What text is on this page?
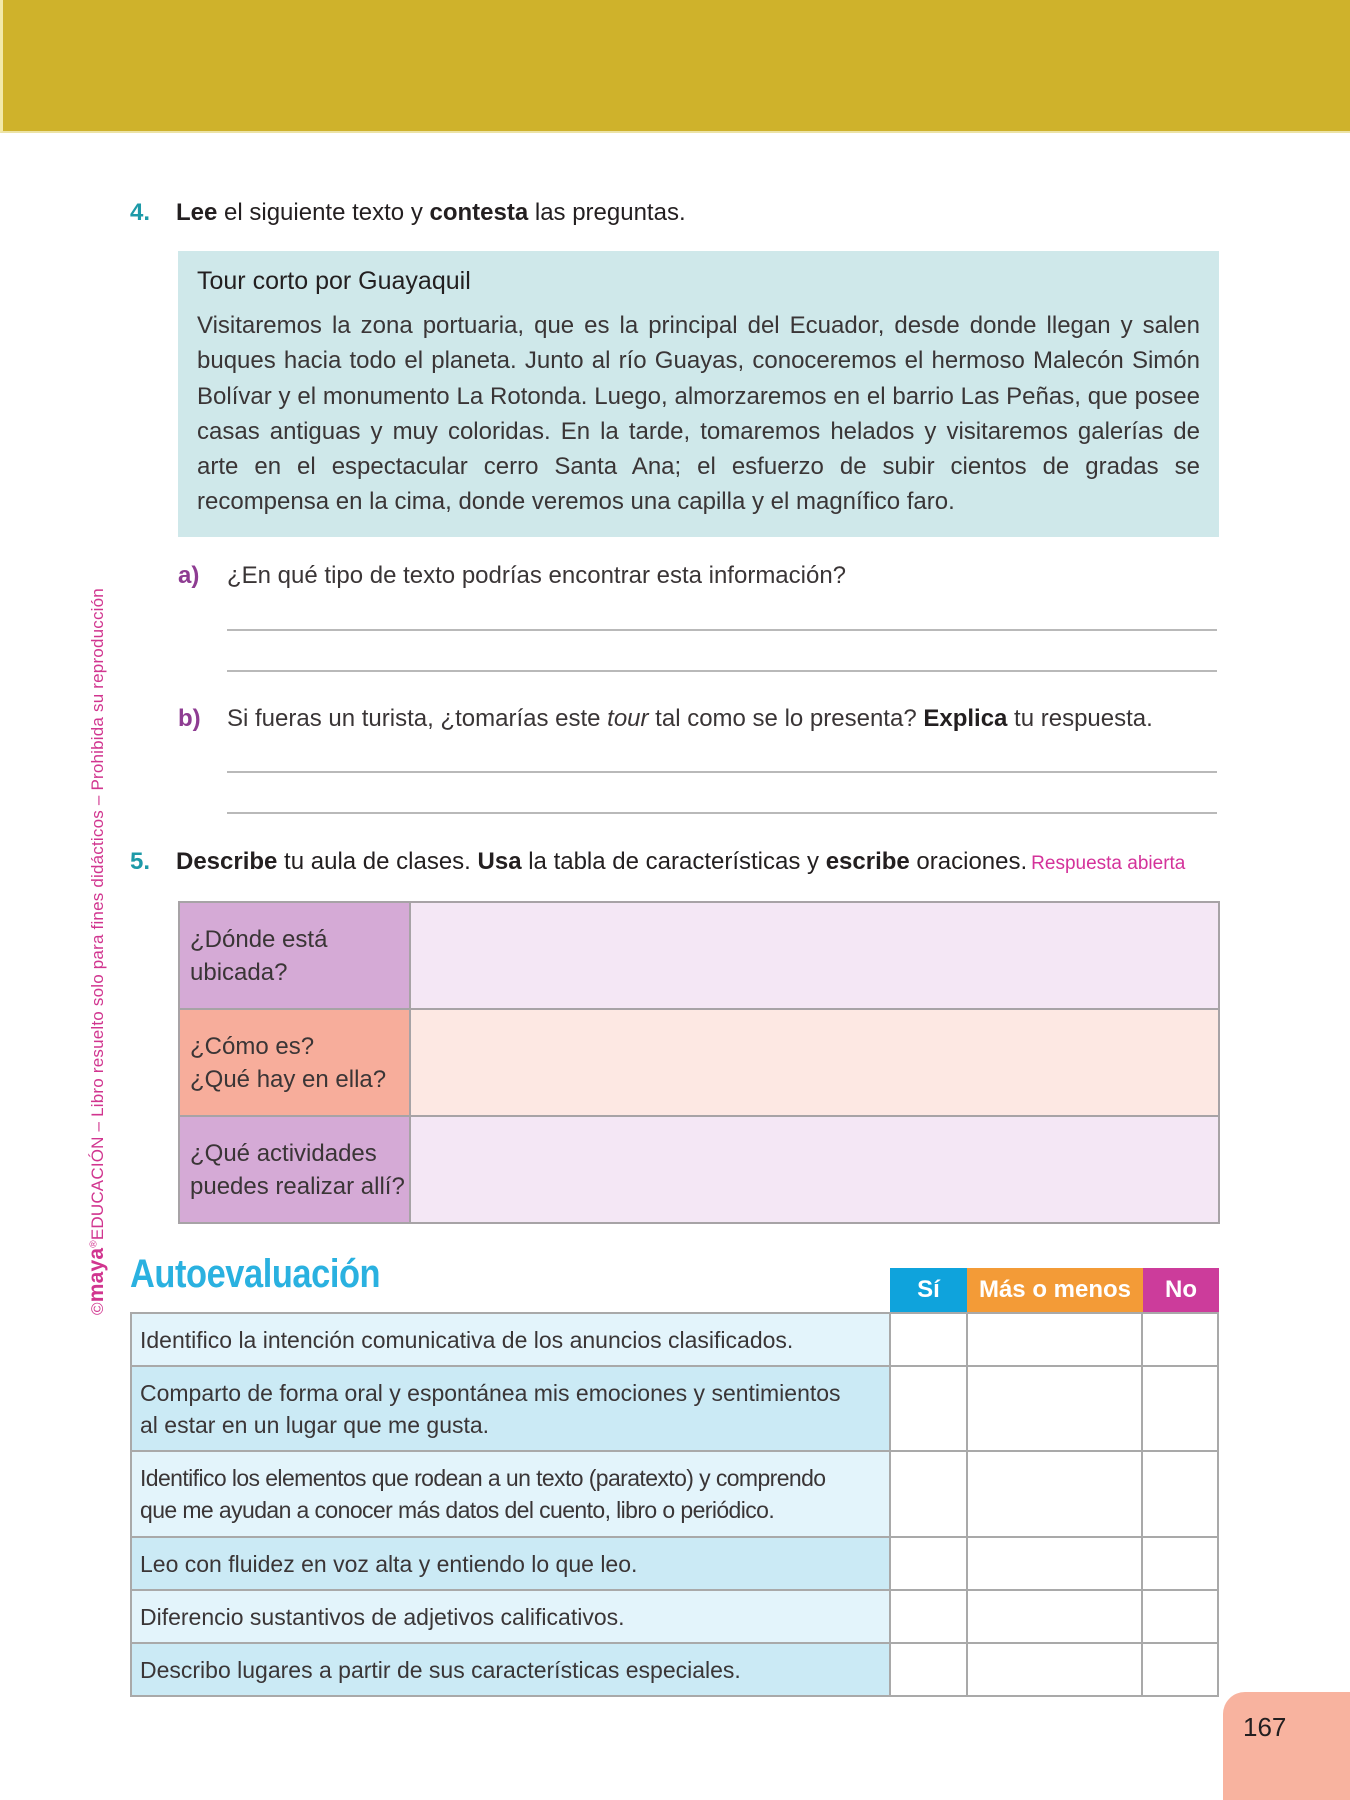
©maya®EDUCACIÓN – Libro resuelto solo para fines didácticos – Prohibida su reproducción
4. Lee el siguiente texto y contesta las preguntas.

Tour corto por Guayaquil

Visitaremos la zona portuaria, que es la principal del Ecuador, desde donde llegan y salen buques hacia todo el planeta. Junto al río Guayas, conoceremos el hermoso Malecón Simón Bolívar y el monumento La Rotonda. Luego, almorzaremos en el barrio Las Peñas, que posee casas antiguas y muy coloridas. En la tarde, tomaremos helados y visitaremos galerías de arte en el espectacular cerro Santa Ana; el esfuerzo de subir cientos de gradas se recompensa en la cima, donde veremos una capilla y el magnífico faro.

a) ¿En qué tipo de texto podrías encontrar esta información?
b) Si fueras un turista, ¿tomarías este tour tal como se lo presenta? Explica tu respuesta.
5. Describe tu aula de clases. Usa la tabla de características y escribe oraciones. Respuesta abierta
¿Dónde está
ubicada?	
¿Cómo es?
¿Qué hay en ella?	
¿Qué actividades
puedes realizar allí?	
Autoevaluación	Sí	Más o menos	No
Identifico la intención comunicativa de los anuncios clasificados.			
Comparto de forma oral y espontánea mis emociones y sentimientos
al estar en un lugar que me gusta.			
Identifico los elementos que rodean a un texto (paratexto) y comprendo
que me ayudan a conocer más datos del cuento, libro o periódico.			
Leo con fluidez en voz alta y entiendo lo que leo.			
Diferencio sustantivos de adjetivos calificativos.			
Describo lugares a partir de sus características especiales.			
167
